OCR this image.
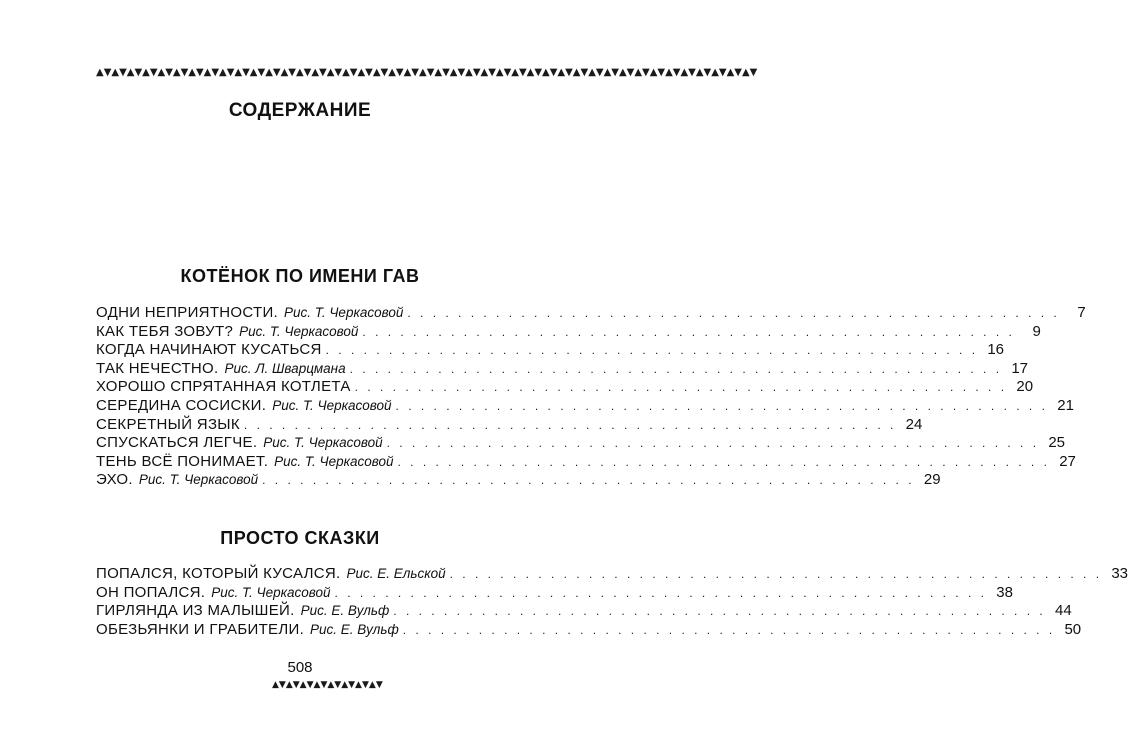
▲▼▲▼▲▼▲▼▲▼▲▼▲▼▲▼▲▼▲▼▲▼▲▼▲▼▲▼▲▼▲▼▲▼▲▼▲▼▲▼▲▼▲▼▲▼▲▼▲▼▲▼▲▼▲▼▲▼▲▼▲▼▲▼▲▼▲▼▲▼▲▼▲▼▲▼▲▼▲▼▲▼▲▼▲▼
СОДЕРЖАНИЕ
КОТЁНОК ПО ИМЕНИ ГАВ
ОДНИ НЕПРИЯТНОСТИ. Рис. Т. Черкасовой . . .	7
КАК ТЕБЯ ЗОВУТ? Рис. Т. Черкасовой . . .	9
КОГДА НАЧИНАЮТ КУСАТЬСЯ . . .	16
ТАК НЕЧЕСТНО. Рис. Л. Шварцмана . . .	17
ХОРОШО СПРЯТАННАЯ КОТЛЕТА . . .	20
СЕРЕДИНА СОСИСКИ. Рис. Т. Черкасовой . . .	21
СЕКРЕТНЫЙ ЯЗЫК . . .	24
СПУСКАТЬСЯ ЛЕГЧЕ. Рис. Т. Черкасовой . . .	25
ТЕНЬ ВСЁ ПОНИМАЕТ. Рис. Т. Черкасовой . . .	27
ЭХО. Рис. Т. Черкасовой . . .	29
ПРОСТО СКАЗКИ
ПОПАЛСЯ, КОТОРЫЙ КУСАЛСЯ. Рис. Е. Ельской . . .	33
ОН ПОПАЛСЯ. Рис. Т. Черкасовой . . .	38
ГИРЛЯНДА ИЗ МАЛЫШЕЙ. Рис. Е. Вульф . . .	44
ОБЕЗЬЯНКИ И ГРАБИТЕЛИ. Рис. Е. Вульф . . .	50
508
▲▼▲▼▲▼▲▼▲▼▲▼▲▼▲▼
